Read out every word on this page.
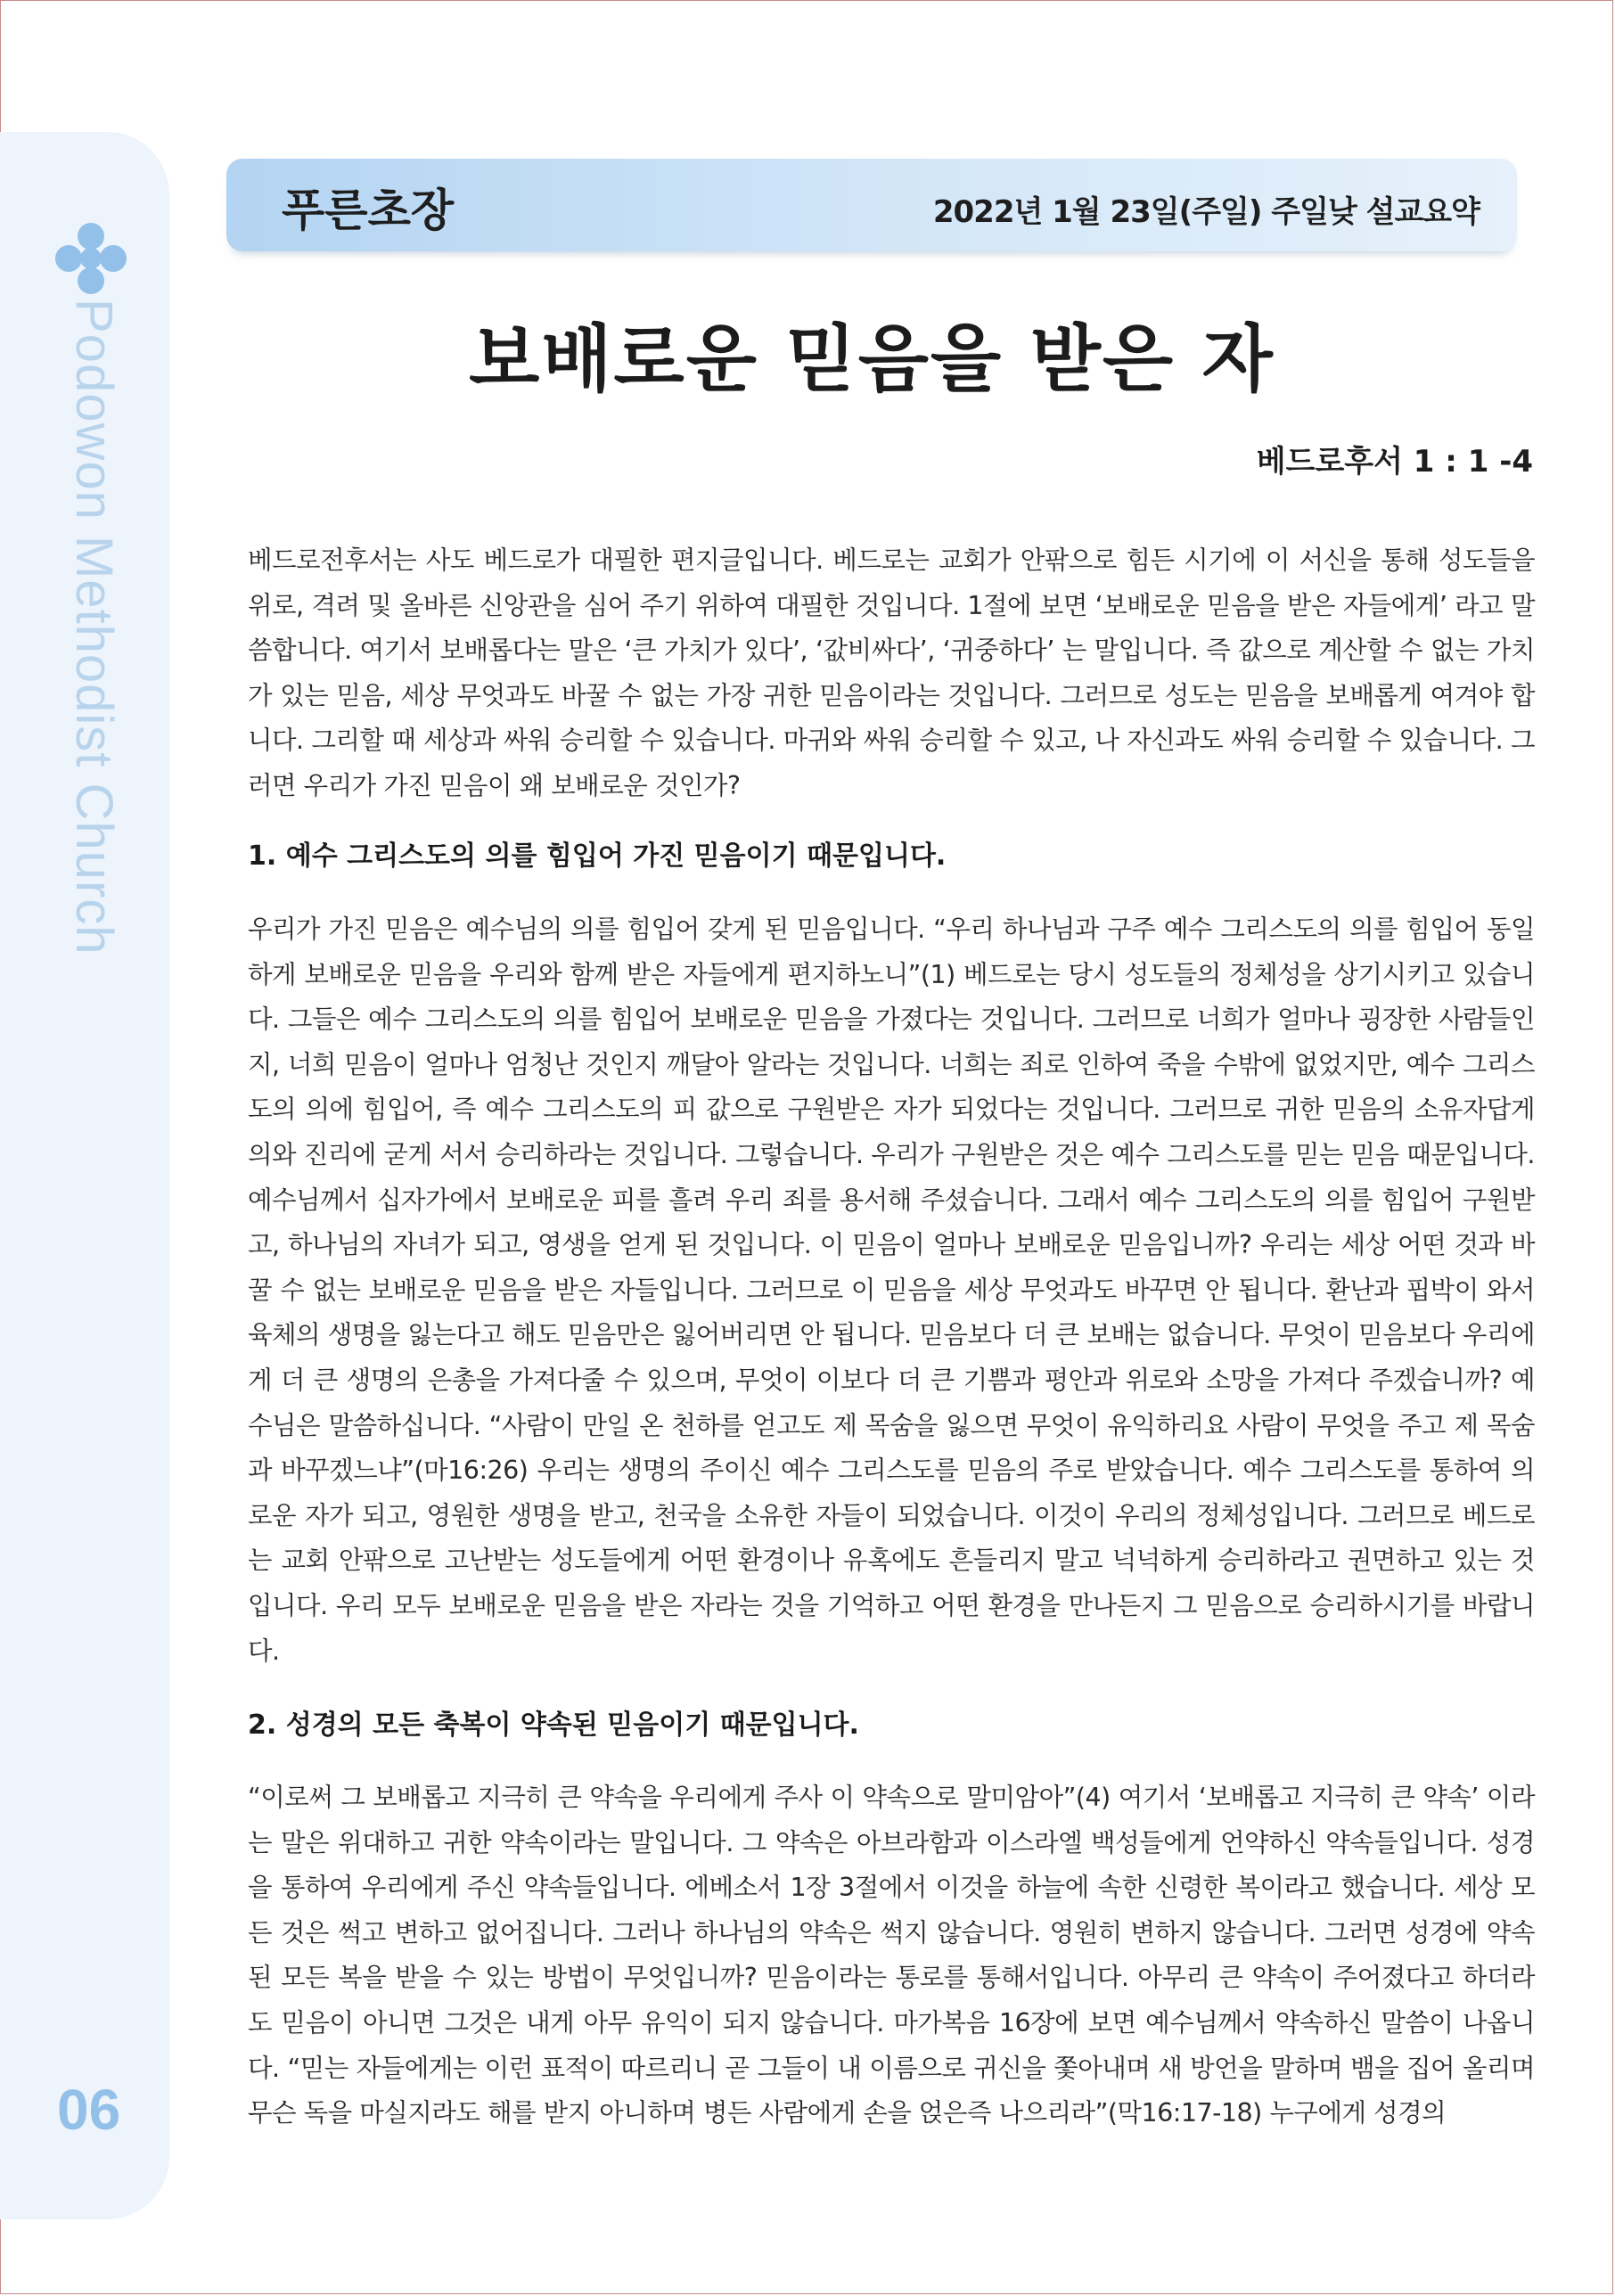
Podowon Methodist Church
06
푸른초장	2022년 1월 23일(주일) 주일낮 설교요약
보배로운 믿음을 받은 자
베드로후서 1 : 1 -4

베드로전후서는 사도 베드로가 대필한 편지글입니다. 베드로는 교회가 안팎으로 힘든 시기에 이 서신을 통해 성도들을 위로, 격려 및 올바른 신앙관을 심어 주기 위하여 대필한 것입니다. 1절에 보면 ‘보배로운 믿음을 받은 자들에게’ 라고 말씀합니다. 여기서 보배롭다는 말은 ‘큰 가치가 있다’, ‘값비싸다’, ‘귀중하다’ 는 말입니다. 즉 값으로 계산할 수 없는 가치가 있는 믿음, 세상 무엇과도 바꿀 수 없는 가장 귀한 믿음이라는 것입니다. 그러므로 성도는 믿음을 보배롭게 여겨야 합니다. 그리할 때 세상과 싸워 승리할 수 있습니다. 마귀와 싸워 승리할 수 있고, 나 자신과도 싸워 승리할 수 있습니다. 그러면 우리가 가진 믿음이 왜 보배로운 것인가?

1. 예수 그리스도의 의를 힘입어 가진 믿음이기 때문입니다.

우리가 가진 믿음은 예수님의 의를 힘입어 갖게 된 믿음입니다. “우리 하나님과 구주 예수 그리스도의 의를 힘입어 동일하게 보배로운 믿음을 우리와 함께 받은 자들에게 편지하노니”(1) 베드로는 당시 성도들의 정체성을 상기시키고 있습니다. 그들은 예수 그리스도의 의를 힘입어 보배로운 믿음을 가졌다는 것입니다. 그러므로 너희가 얼마나 굉장한 사람들인지, 너희 믿음이 얼마나 엄청난 것인지 깨달아 알라는 것입니다. 너희는 죄로 인하여 죽을 수밖에 없었지만, 예수 그리스도의 의에 힘입어, 즉 예수 그리스도의 피 값으로 구원받은 자가 되었다는 것입니다. 그러므로 귀한 믿음의 소유자답게 의와 진리에 굳게 서서 승리하라는 것입니다. 그렇습니다. 우리가 구원받은 것은 예수 그리스도를 믿는 믿음 때문입니다. 예수님께서 십자가에서 보배로운 피를 흘려 우리 죄를 용서해 주셨습니다. 그래서 예수 그리스도의 의를 힘입어 구원받고, 하나님의 자녀가 되고, 영생을 얻게 된 것입니다. 이 믿음이 얼마나 보배로운 믿음입니까? 우리는 세상 어떤 것과 바꿀 수 없는 보배로운 믿음을 받은 자들입니다. 그러므로 이 믿음을 세상 무엇과도 바꾸면 안 됩니다. 환난과 핍박이 와서 육체의 생명을 잃는다고 해도 믿음만은 잃어버리면 안 됩니다. 믿음보다 더 큰 보배는 없습니다. 무엇이 믿음보다 우리에게 더 큰 생명의 은총을 가져다줄 수 있으며, 무엇이 이보다 더 큰 기쁨과 평안과 위로와 소망을 가져다 주겠습니까? 예수님은 말씀하십니다. “사람이 만일 온 천하를 얻고도 제 목숨을 잃으면 무엇이 유익하리요 사람이 무엇을 주고 제 목숨과 바꾸겠느냐”(마16:26) 우리는 생명의 주이신 예수 그리스도를 믿음의 주로 받았습니다. 예수 그리스도를 통하여 의로운 자가 되고, 영원한 생명을 받고, 천국을 소유한 자들이 되었습니다. 이것이 우리의 정체성입니다. 그러므로 베드로는 교회 안팎으로 고난받는 성도들에게 어떤 환경이나 유혹에도 흔들리지 말고 넉넉하게 승리하라고 권면하고 있는 것입니다. 우리 모두 보배로운 믿음을 받은 자라는 것을 기억하고 어떤 환경을 만나든지 그 믿음으로 승리하시기를 바랍니다.

2. 성경의 모든 축복이 약속된 믿음이기 때문입니다.

“이로써 그 보배롭고 지극히 큰 약속을 우리에게 주사 이 약속으로 말미암아”(4) 여기서 ‘보배롭고 지극히 큰 약속’ 이라는 말은 위대하고 귀한 약속이라는 말입니다. 그 약속은 아브라함과 이스라엘 백성들에게 언약하신 약속들입니다. 성경을 통하여 우리에게 주신 약속들입니다. 에베소서 1장 3절에서 이것을 하늘에 속한 신령한 복이라고 했습니다. 세상 모든 것은 썩고 변하고 없어집니다. 그러나 하나님의 약속은 썩지 않습니다. 영원히 변하지 않습니다. 그러면 성경에 약속된 모든 복을 받을 수 있는 방법이 무엇입니까? 믿음이라는 통로를 통해서입니다. 아무리 큰 약속이 주어졌다고 하더라도 믿음이 아니면 그것은 내게 아무 유익이 되지 않습니다. 마가복음 16장에 보면 예수님께서 약속하신 말씀이 나옵니다. “믿는 자들에게는 이런 표적이 따르리니 곧 그들이 내 이름으로 귀신을 쫓아내며 새 방언을 말하며 뱀을 집어 올리며 무슨 독을 마실지라도 해를 받지 아니하며 병든 사람에게 손을 얹은즉 나으리라”(막16:17-18) 누구에게 성경의
